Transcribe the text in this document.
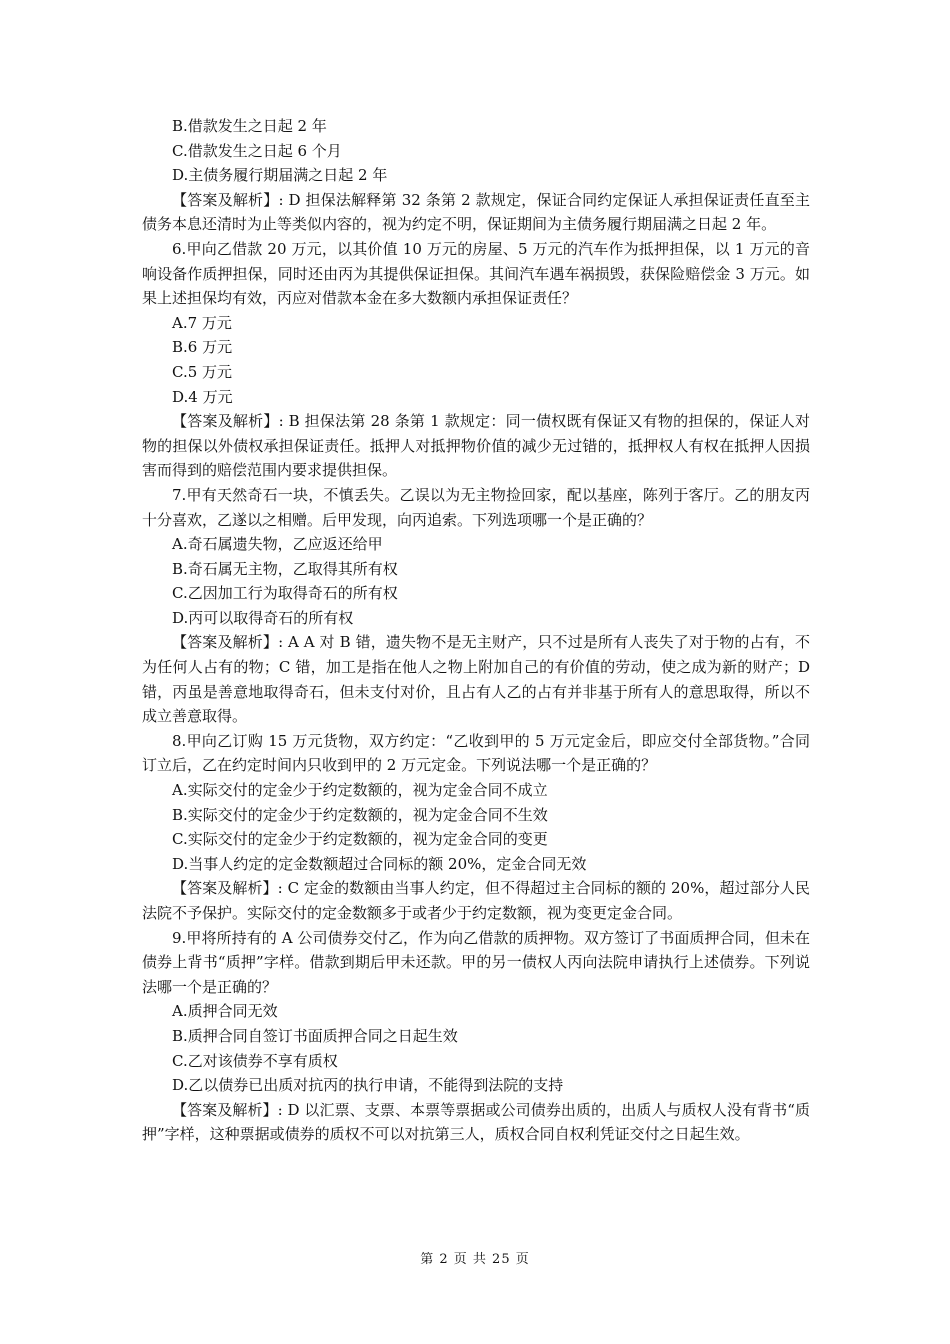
B.借款发生之日起 2 年

C.借款发生之日起 6 个月

D.主债务履行期届满之日起 2 年

【答案及解析】: D 担保法解释第 32 条第 2 款规定，保证合同约定保证人承担保证责任直至主债务本息还清时为止等类似内容的，视为约定不明，保证期间为主债务履行期届满之日起 2 年。

6.甲向乙借款 20 万元，以其价值 10 万元的房屋、5 万元的汽车作为抵押担保，以 1 万元的音响设备作质押担保，同时还由丙为其提供保证担保。其间汽车遇车祸损毁，获保险赔偿金 3 万元。如果上述担保均有效，丙应对借款本金在多大数额内承担保证责任？

A.7 万元

B.6 万元

C.5 万元

D.4 万元

【答案及解析】: B 担保法第 28 条第 1 款规定：同一债权既有保证又有物的担保的，保证人对物的担保以外债权承担保证责任。抵押人对抵押物价值的减少无过错的，抵押权人有权在抵押人因损害而得到的赔偿范围内要求提供担保。

7.甲有天然奇石一块，不慎丢失。乙误以为无主物捡回家，配以基座，陈列于客厅。乙的朋友丙十分喜欢，乙遂以之相赠。后甲发现，向丙追索。下列选项哪一个是正确的？

A.奇石属遗失物，乙应返还给甲

B.奇石属无主物，乙取得其所有权

C.乙因加工行为取得奇石的所有权

D.丙可以取得奇石的所有权

【答案及解析】: A A 对 B 错，遗失物不是无主财产，只不过是所有人丧失了对于物的占有，不为任何人占有的物；C 错，加工是指在他人之物上附加自己的有价值的劳动，使之成为新的财产；D 错，丙虽是善意地取得奇石，但未支付对价，且占有人乙的占有并非基于所有人的意思取得，所以不成立善意取得。

8.甲向乙订购 15 万元货物，双方约定：“乙收到甲的 5 万元定金后，即应交付全部货物。”合同订立后，乙在约定时间内只收到甲的 2 万元定金。下列说法哪一个是正确的？

A.实际交付的定金少于约定数额的，视为定金合同不成立

B.实际交付的定金少于约定数额的，视为定金合同不生效

C.实际交付的定金少于约定数额的，视为定金合同的变更

D.当事人约定的定金数额超过合同标的额 20%，定金合同无效

【答案及解析】: C 定金的数额由当事人约定，但不得超过主合同标的额的 20%，超过部分人民法院不予保护。实际交付的定金数额多于或者少于约定数额，视为变更定金合同。

9.甲将所持有的 A 公司债券交付乙，作为向乙借款的质押物。双方签订了书面质押合同，但未在债券上背书“质押”字样。借款到期后甲未还款。甲的另一债权人丙向法院申请执行上述债券。下列说法哪一个是正确的？

A.质押合同无效

B.质押合同自签订书面质押合同之日起生效

C.乙对该债券不享有质权

D.乙以债券已出质对抗丙的执行申请，不能得到法院的支持

【答案及解析】: D 以汇票、支票、本票等票据或公司债券出质的，出质人与质权人没有背书“质押”字样，这种票据或债券的质权不可以对抗第三人，质权合同自权利凭证交付之日起生效。

第 2 页 共 25 页
